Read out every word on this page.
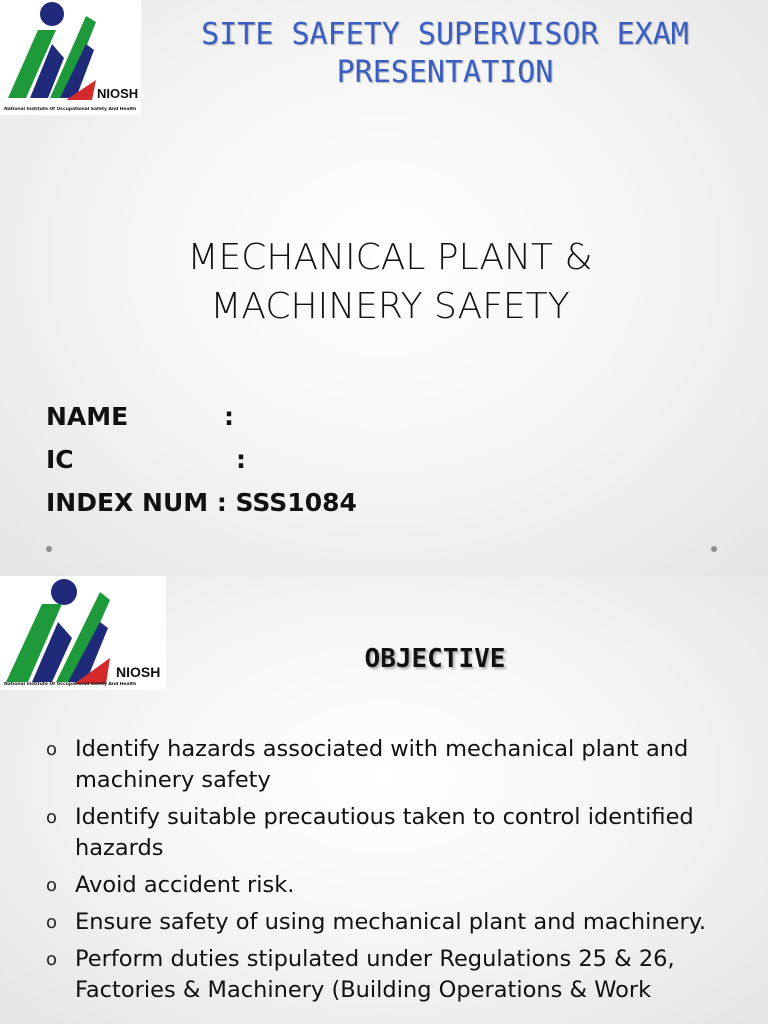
NIOSH
National Institute Of Occupational Safety And Health
SITE SAFETY SUPERVISOR EXAM PRESENTATION
MECHANICAL PLANT & MACHINERY SAFETY
NAME	:
IC	:
INDEX NUM : SSS1084
NIOSH
National Institute Of Occupational Safety And Health
OBJECTIVE
o Identify hazards associated with mechanical plant and machinery safety
o Identify suitable precautious taken to control identified hazards
o Avoid accident risk.
o Ensure safety of using mechanical plant and machinery.
o Perform duties stipulated under Regulations 25 & 26, Factories & Machinery (Building Operations & Work
